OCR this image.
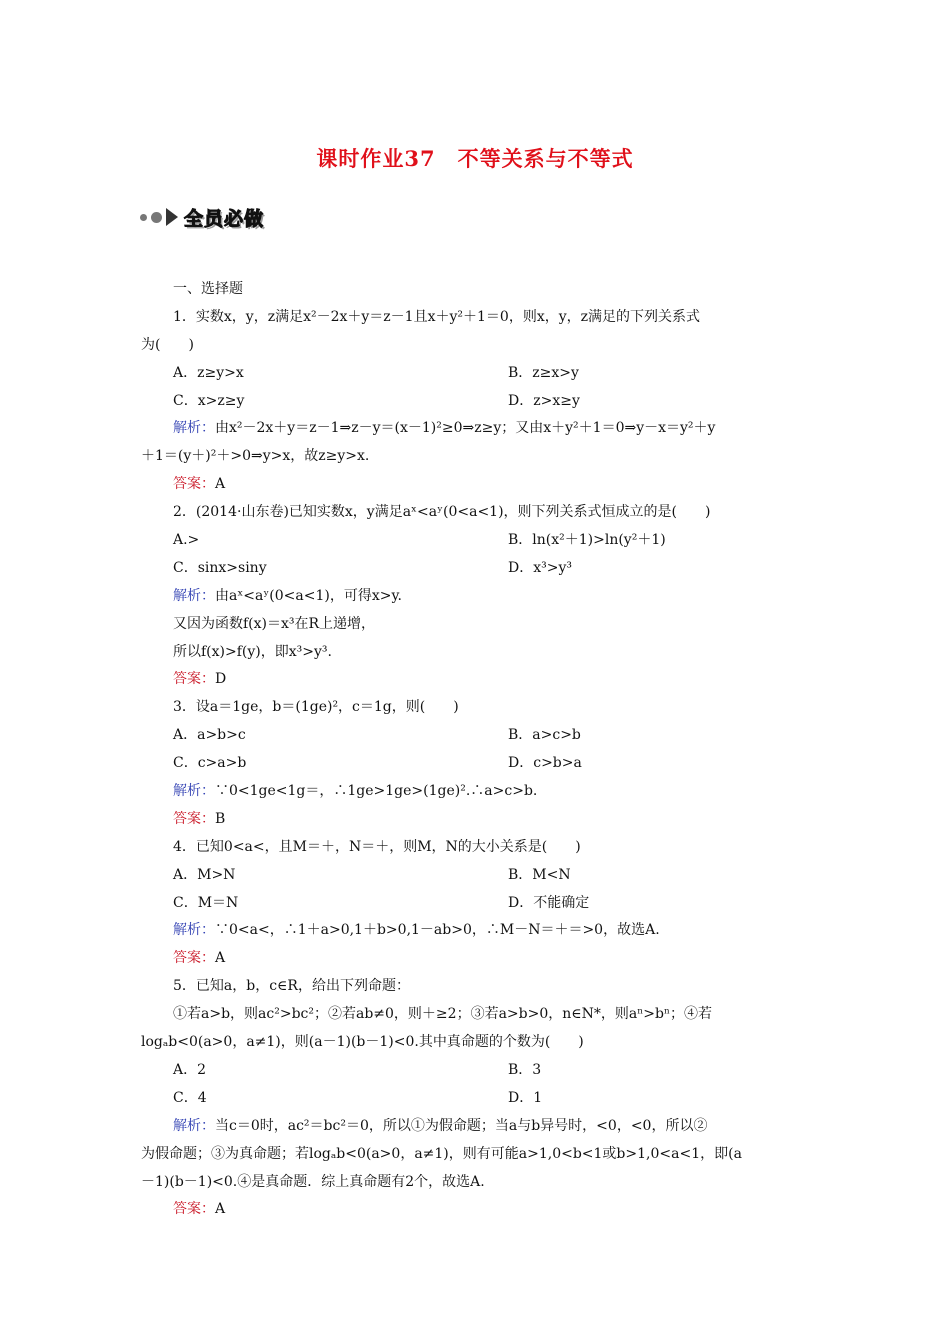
课时作业37　不等关系与不等式
全员必做
一、选择题
1．实数x，y，z满足x²－2x＋y＝z－1且x＋y²＋1＝0，则x，y，z满足的下列关系式
为(　　)
A．z≥y>x	B．z≥x>y
C．x>z≥y	D．z>x≥y
解析：由x²－2x＋y＝z－1⇒z－y＝(x－1)²≥0⇒z≥y；又由x＋y²＋1＝0⇒y－x＝y²＋y
＋1＝(y＋)²＋>0⇒y>x，故z≥y>x.
答案：A
2．(2014·山东卷)已知实数x，y满足aˣ<aʸ(0<a<1)，则下列关系式恒成立的是(　　)
A.>	B．ln(x²＋1)>ln(y²＋1)
C．sinx>siny	D．x³>y³
解析：由aˣ<aʸ(0<a<1)，可得x>y.
又因为函数f(x)＝x³在R上递增，
所以f(x)>f(y)，即x³>y³.
答案：D
3．设a＝1ge，b＝(1ge)²，c＝1g，则(　　)
A．a>b>c	B．a>c>b
C．c>a>b	D．c>b>a
解析：∵0<1ge<1g＝，∴1ge>1ge>(1ge)².∴a>c>b.
答案：B
4．已知0<a<，且M＝＋，N＝＋，则M，N的大小关系是(　　)
A．M>N	B．M<N
C．M＝N	D．不能确定
解析：∵0<a<，∴1＋a>0,1＋b>0,1－ab>0，∴M－N＝＋＝>0，故选A.
答案：A
5．已知a，b，c∈R，给出下列命题：
①若a>b，则ac²>bc²；②若ab≠0，则＋≥2；③若a>b>0，n∈N*，则aⁿ>bⁿ；④若
logₐb<0(a>0，a≠1)，则(a－1)(b－1)<0.其中真命题的个数为(　　)
A．2	B．3
C．4	D．1
解析：当c＝0时，ac²＝bc²＝0，所以①为假命题；当a与b异号时，<0，<0，所以②
为假命题；③为真命题；若logₐb<0(a>0，a≠1)，则有可能a>1,0<b<1或b>1,0<a<1，即(a
－1)(b－1)<0.④是真命题．综上真命题有2个，故选A.
答案：A
